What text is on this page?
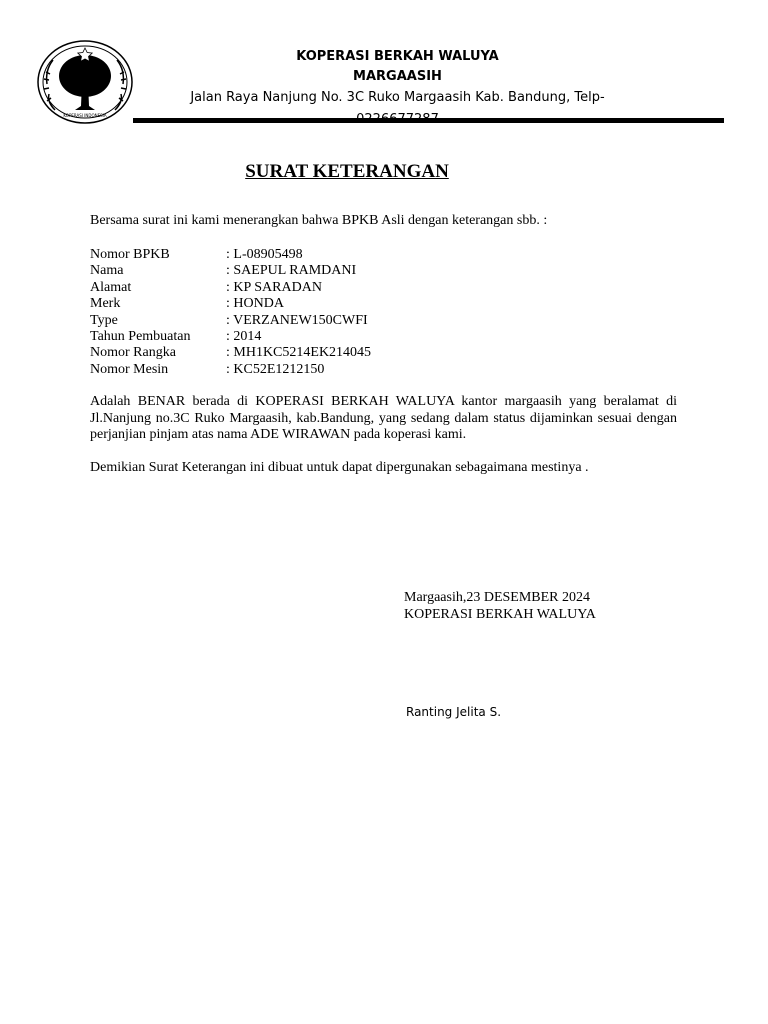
KOPERASI INDONESIA
KOPERASI BERKAH WALUYA
MARGAASIH
Jalan Raya Nanjung No. 3C Ruko Margaasih Kab. Bandung, Telp-
SURAT KETERANGAN
Bersama surat ini kami menerangkan bahwa BPKB Asli dengan keterangan sbb. :
Nomor BPKB	: L-08905498
Nama	: SAEPUL RAMDANI
Alamat	: KP SARADAN
Merk	: HONDA
Type	: VERZANEW150CWFI
Tahun Pembuatan	: 2014
Nomor Rangka	: MH1KC5214EK214045
Nomor Mesin	: KC52E1212150
Adalah BENAR berada di KOPERASI BERKAH WALUYA kantor margaasih yang beralamat di Jl.Nanjung no.3C Ruko Margaasih, kab.Bandung, yang sedang dalam status dijaminkan sesuai dengan perjanjian pinjam atas nama ADE WIRAWAN pada koperasi kami.
Demikian Surat Keterangan ini dibuat untuk dapat dipergunakan sebagaimana mestinya .
Margaasih,23 DESEMBER 2024
KOPERASI BERKAH WALUYA
Ranting Jelita S.
